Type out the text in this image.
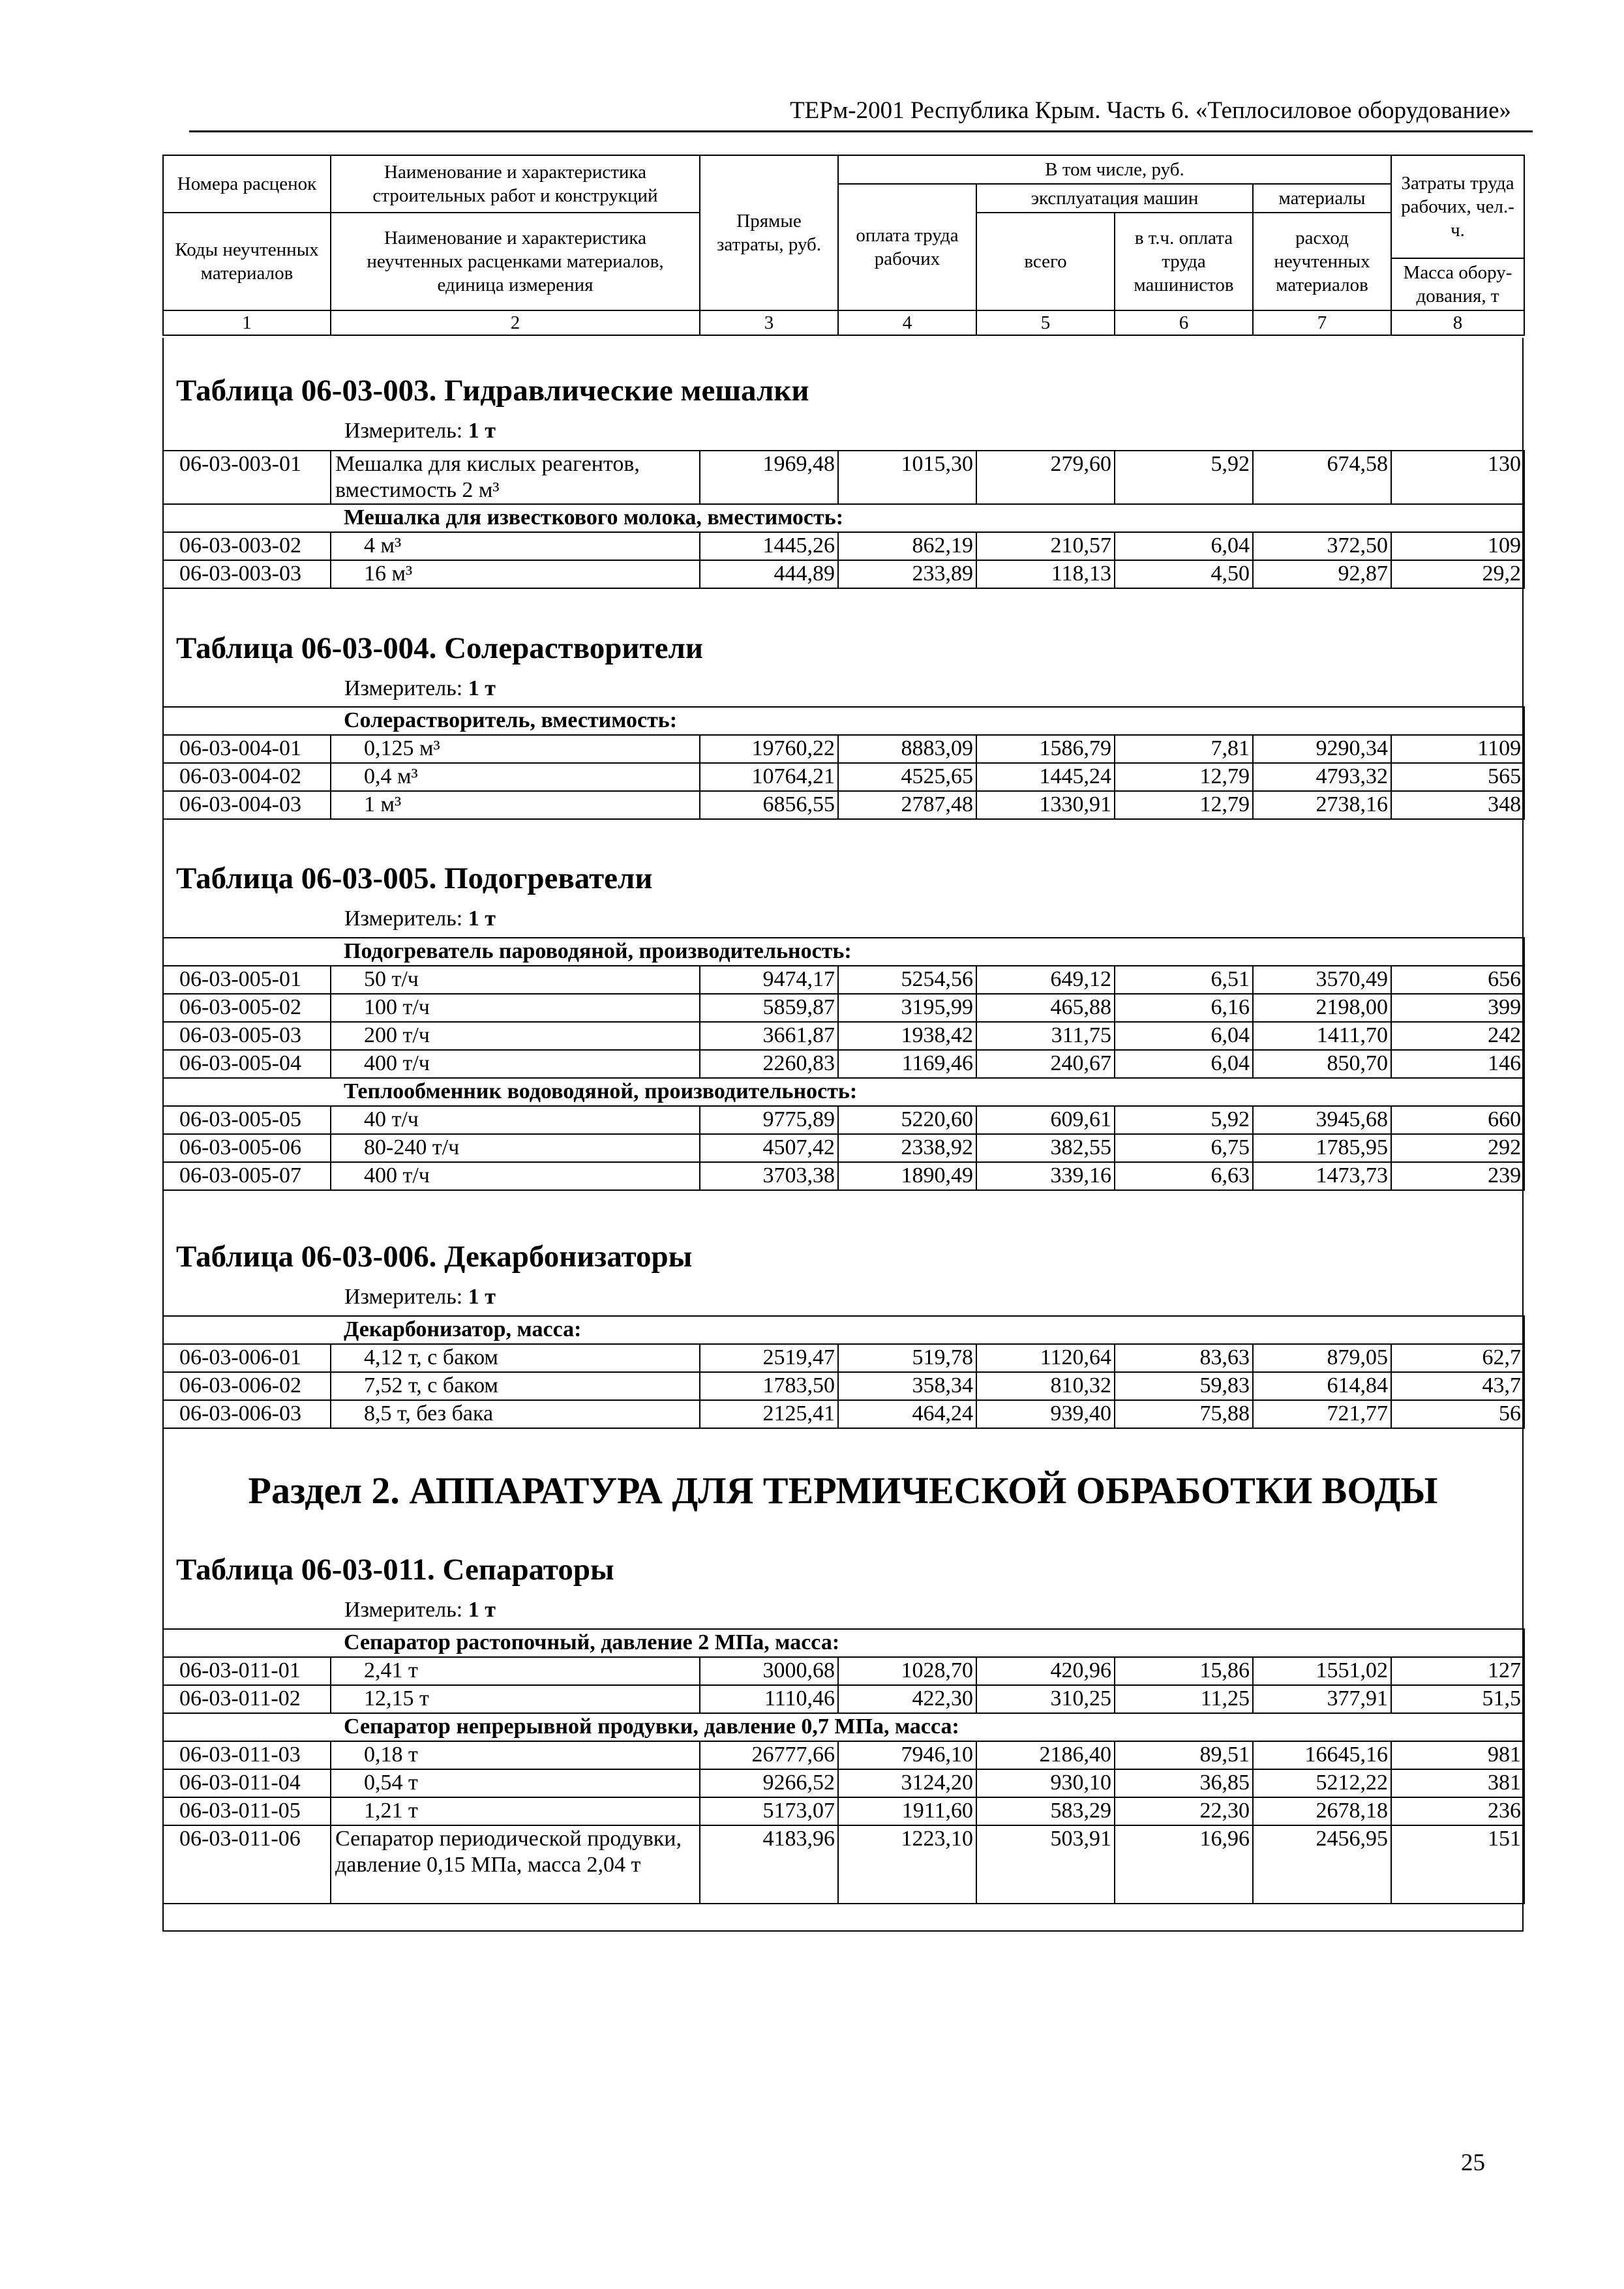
ТЕРм-2001 Республика Крым. Часть 6. «Теплосиловое оборудование»
Номера расценок	Наименование и характеристика строительных работ и конструкций	Прямые затраты, руб.	В том числе, руб.				Затраты труда рабочих, чел.-ч.
			оплата труда рабочих	эксплуатация машин		материалы	
Коды неучтенных материалов	Наименование и характеристика неучтенных расценками материалов, единица измерения			всего	в т.ч. оплата труда машинистов	расход неучтенных материалов	
							Масса обору-дования, т
1	2	3	4	5	6	7	8
Таблица 06-03-003. Гидравлические мешалки
Измеритель: 1 т
06-03-003-01	Мешалка для кислых реагентов, вместимость 2 м³	1969,48	1015,30	279,60	5,92	674,58	130
Мешалка для известкового молока, вместимость:							
06-03-003-02	4 м³	1445,26	862,19	210,57	6,04	372,50	109
06-03-003-03	16 м³	444,89	233,89	118,13	4,50	92,87	29,2
Таблица 06-03-004. Солерастворители
Измеритель: 1 т
Солерастворитель, вместимость:							
06-03-004-01	0,125 м³	19760,22	8883,09	1586,79	7,81	9290,34	1109
06-03-004-02	0,4 м³	10764,21	4525,65	1445,24	12,79	4793,32	565
06-03-004-03	1 м³	6856,55	2787,48	1330,91	12,79	2738,16	348
Таблица 06-03-005. Подогреватели
Измеритель: 1 т
Подогреватель пароводяной, производительность:							
06-03-005-01	50 т/ч	9474,17	5254,56	649,12	6,51	3570,49	656
06-03-005-02	100 т/ч	5859,87	3195,99	465,88	6,16	2198,00	399
06-03-005-03	200 т/ч	3661,87	1938,42	311,75	6,04	1411,70	242
06-03-005-04	400 т/ч	2260,83	1169,46	240,67	6,04	850,70	146
Теплообменник водоводяной, производительность:							
06-03-005-05	40 т/ч	9775,89	5220,60	609,61	5,92	3945,68	660
06-03-005-06	80-240 т/ч	4507,42	2338,92	382,55	6,75	1785,95	292
06-03-005-07	400 т/ч	3703,38	1890,49	339,16	6,63	1473,73	239
Таблица 06-03-006. Декарбонизаторы
Измеритель: 1 т
Декарбонизатор, масса:							
06-03-006-01	4,12 т, с баком	2519,47	519,78	1120,64	83,63	879,05	62,7
06-03-006-02	7,52 т, с баком	1783,50	358,34	810,32	59,83	614,84	43,7
06-03-006-03	8,5 т, без бака	2125,41	464,24	939,40	75,88	721,77	56
Раздел 2. АППАРАТУРА ДЛЯ ТЕРМИЧЕСКОЙ ОБРАБОТКИ ВОДЫ
Таблица 06-03-011. Сепараторы
Измеритель: 1 т
Сепаратор растопочный, давление 2 МПа, масса:							
06-03-011-01	2,41 т	3000,68	1028,70	420,96	15,86	1551,02	127
06-03-011-02	12,15 т	1110,46	422,30	310,25	11,25	377,91	51,5
Сепаратор непрерывной продувки, давление 0,7 МПа, масса:							
06-03-011-03	0,18 т	26777,66	7946,10	2186,40	89,51	16645,16	981
06-03-011-04	0,54 т	9266,52	3124,20	930,10	36,85	5212,22	381
06-03-011-05	1,21 т	5173,07	1911,60	583,29	22,30	2678,18	236
06-03-011-06	Сепаратор периодической продувки, давление 0,15 МПа, масса 2,04 т	4183,96	1223,10	503,91	16,96	2456,95	151
25
